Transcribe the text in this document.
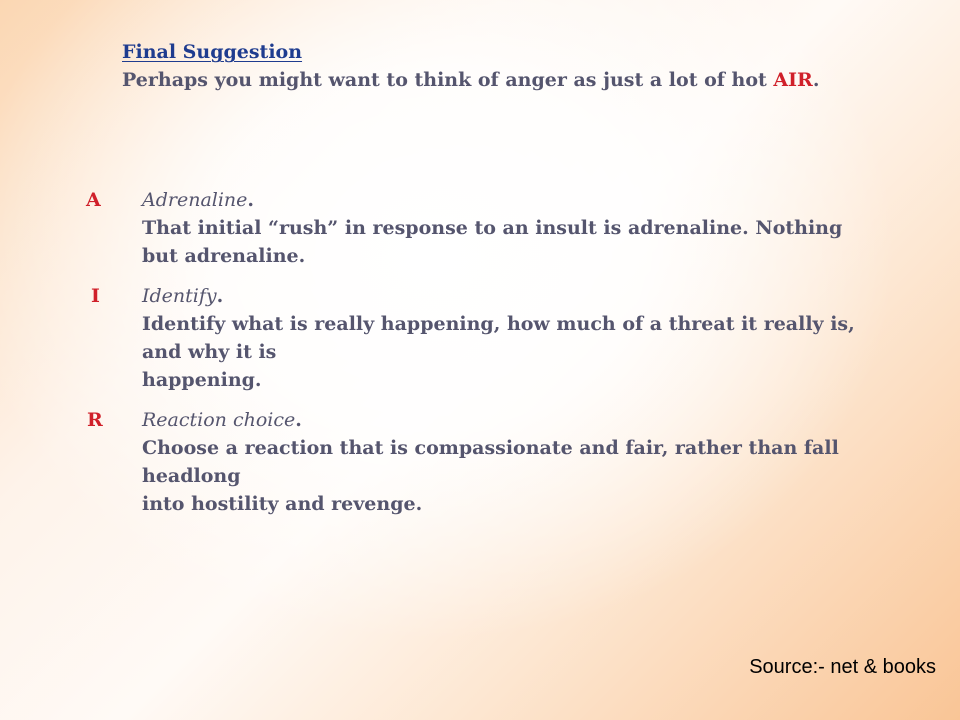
Final Suggestion
Perhaps you might want to think of anger as just a lot of hot AIR.
A Adrenaline.
That initial “rush” in response to an insult is adrenaline. Nothing
but adrenaline.
I Identify.
Identify what is really happening, how much of a threat it really is,
and why it is
happening.
R Reaction choice.
Choose a reaction that is compassionate and fair, rather than fall
headlong
into hostility and revenge.
Source:- net & books
